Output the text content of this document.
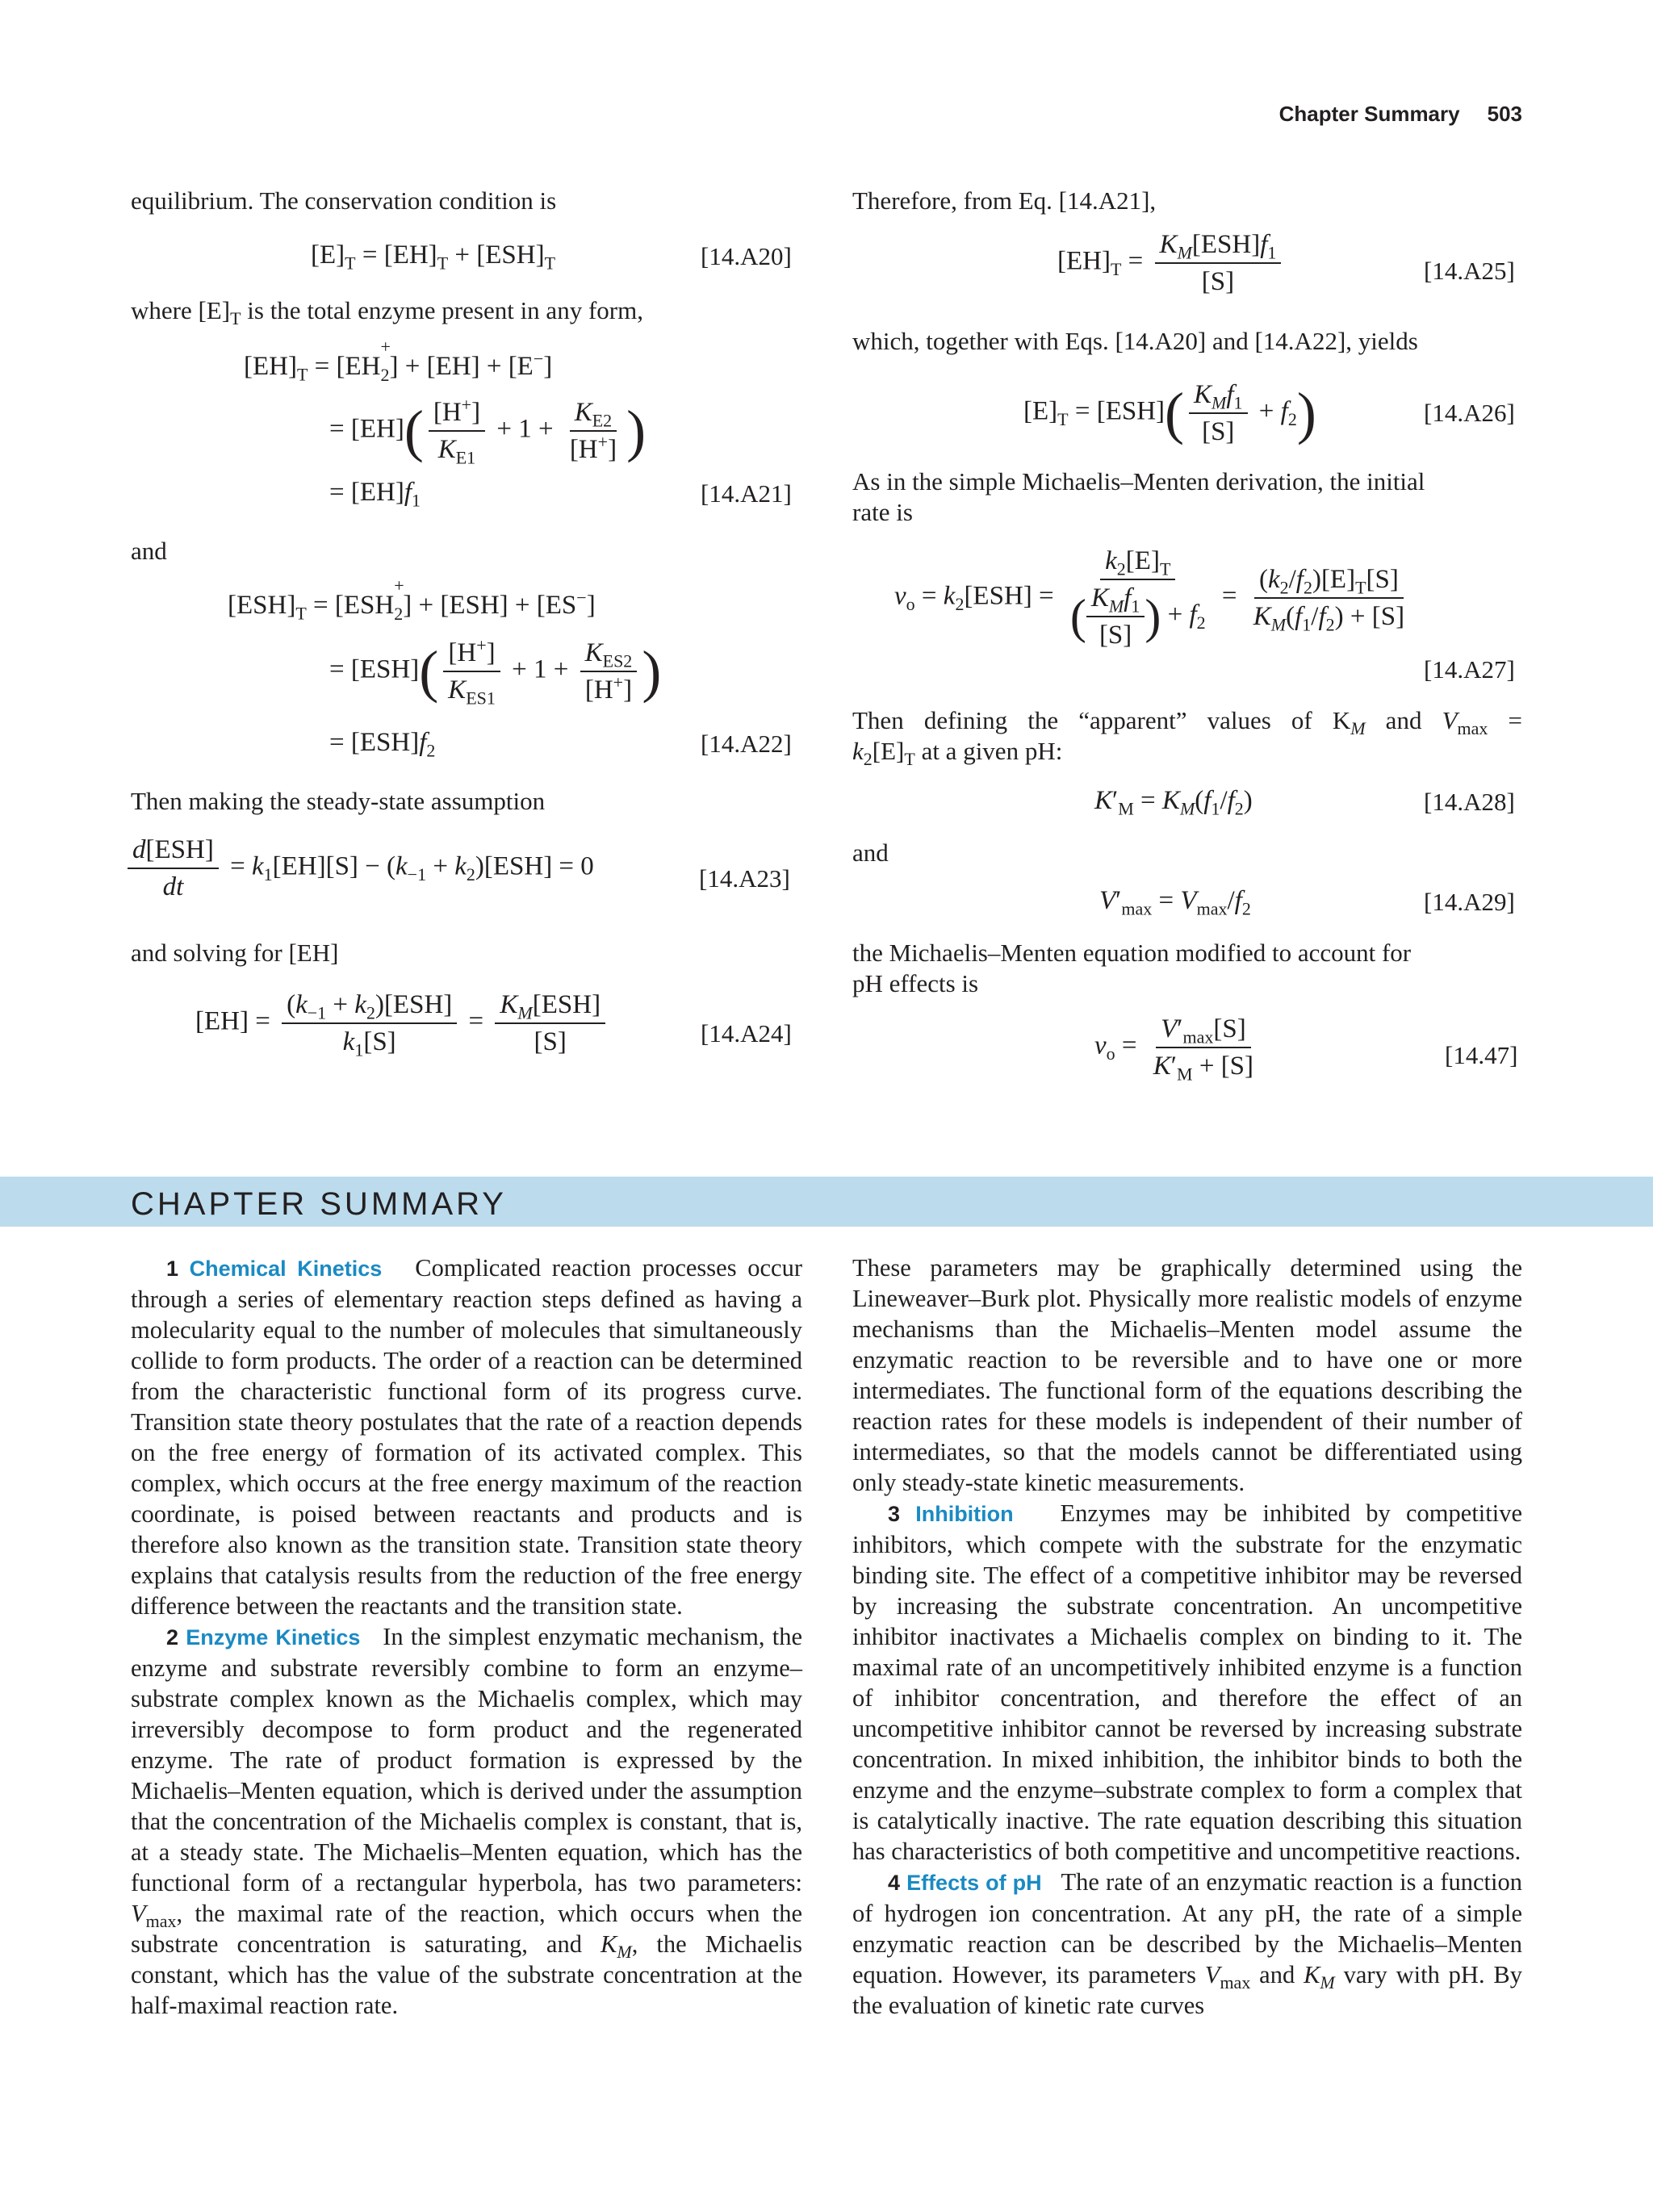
Chapter Summary 503
equilibrium. The conservation condition is
$[E]_T = [EH]_T + [ESH]_T$	[14.A20]
where $[E]_T$ is the total enzyme present in any form,
$[EH]_T = [EH$
$_{+ 2}$] + [EH] + [E−]
= $[EH]( \frac{[H^+]}{K_{E1}} + 1 + \frac{K_{E2}}{[H^+]}$ )
= $[EH]f_1$	[14.A21]
and
$[ESH]_T = [ESH$
$_{+ 2}$] + [ESH] + [ES−]
= $[ESH]( \frac{[H^+]}{K_{ES1}} + 1 + \frac{K_{ES2}}{[H^+]}$ )
= $[ESH]f_2$	[14.A22]
Then making the steady-state assumption
$\frac{\text{d[ESH]}}{dt} = k_1[EH][S] - (k_{-1} + k_2)[ESH] = 0$	[14.A23]
and solving for [EH]
$[EH] = \frac{(k_{-1} + k_2)[ESH]}{k_1[S]} = \frac{K_M[ESH]}{[S]}$	[14.A24]
Therefore, from Eq. [14.A21],
$[EH]_T = \frac{K_M[ESH]f_1}{[S]}$	[14.A25]
which, together with Eqs. [14.A20] and [14.A22], yields
$[E]_T = [ESH]( \frac{K_Mf_1}{[S]} + f_2)$	[14.A26]
As in the simple Michaelis–Menten derivation, the initial
rate is
$v_o = k_2[ESH] = \frac{k_2[E]_T}{( \frac{K_Mf_1}{[S]} ) + f_2} = \frac{(k_2/f_2)[E]_T[S]}{K_M(f_1/f_2) + [S]}$
[14.A27]
Then defining the “apparent” values of $K_M$ and $V_{max}$ =
$k_2[E]_T$ at a given pH:
$K'_M = K_M(f_1/f_2)$	[14.A28]
and
$V'_{max} = V_{max}/f_2$	[14.A29]
the Michaelis–Menten equation modified to account for
pH effects is
$v_o = \frac{V'_{max}[S]}{K'_M + [S]}$	[14.47]
CHAPTER SUMMARY

1 Chemical Kinetics Complicated reaction processes occur through a series of elementary reaction steps defined as having a molecularity equal to the number of molecules that simultaneously collide to form products. The order of a reaction can be determined from the characteristic functional form of its progress curve. Transition state theory postulates that the rate of a reaction depends on the free energy of formation of its activated complex. This complex, which occurs at the free energy maximum of the reaction coordinate, is poised between reactants and products and is therefore also known as the transition state. Transition state theory explains that catalysis results from the reduction of the free energy difference between the reactants and the transition state.

2 Enzyme Kinetics In the simplest enzymatic mechanism, the enzyme and substrate reversibly combine to form an enzyme–substrate complex known as the Michaelis complex, which may irreversibly decompose to form product and the regenerated enzyme. The rate of product formation is expressed by the Michaelis–Menten equation, which is derived under the assumption that the concentration of the Michaelis complex is constant, that is, at a steady state. The Michaelis–Menten equation, which has the functional form of a rectangular hyperbola, has two parameters: $V_{max}$, the maximal rate of the reaction, which occurs when the substrate concentration is saturating, and $K_M$, the Michaelis constant, which has the value of the substrate concentration at the half-maximal reaction rate.

These parameters may be graphically determined using the Lineweaver–Burk plot. Physically more realistic models of enzyme mechanisms than the Michaelis–Menten model assume the enzymatic reaction to be reversible and to have one or more intermediates. The functional form of the equations describing the reaction rates for these models is independent of their number of intermediates, so that the models cannot be differentiated using only steady-state kinetic measurements.

3 Inhibition Enzymes may be inhibited by competitive inhibitors, which compete with the substrate for the enzymatic binding site. The effect of a competitive inhibitor may be reversed by increasing the substrate concentration. An uncompetitive inhibitor inactivates a Michaelis complex on binding to it. The maximal rate of an uncompetitively inhibited enzyme is a function of inhibitor concentration, and therefore the effect of an uncompetitive inhibitor cannot be reversed by increasing substrate concentration. In mixed inhibition, the inhibitor binds to both the enzyme and the enzyme–substrate complex to form a complex that is catalytically inactive. The rate equation describing this situation has characteristics of both competitive and uncompetitive reactions.

4 Effects of pH The rate of an enzymatic reaction is a function of hydrogen ion concentration. At any pH, the rate of a simple enzymatic reaction can be described by the Michaelis–Menten equation. However, its parameters $V_{max}$ and $K_M$ vary with pH. By the evaluation of kinetic rate curves
